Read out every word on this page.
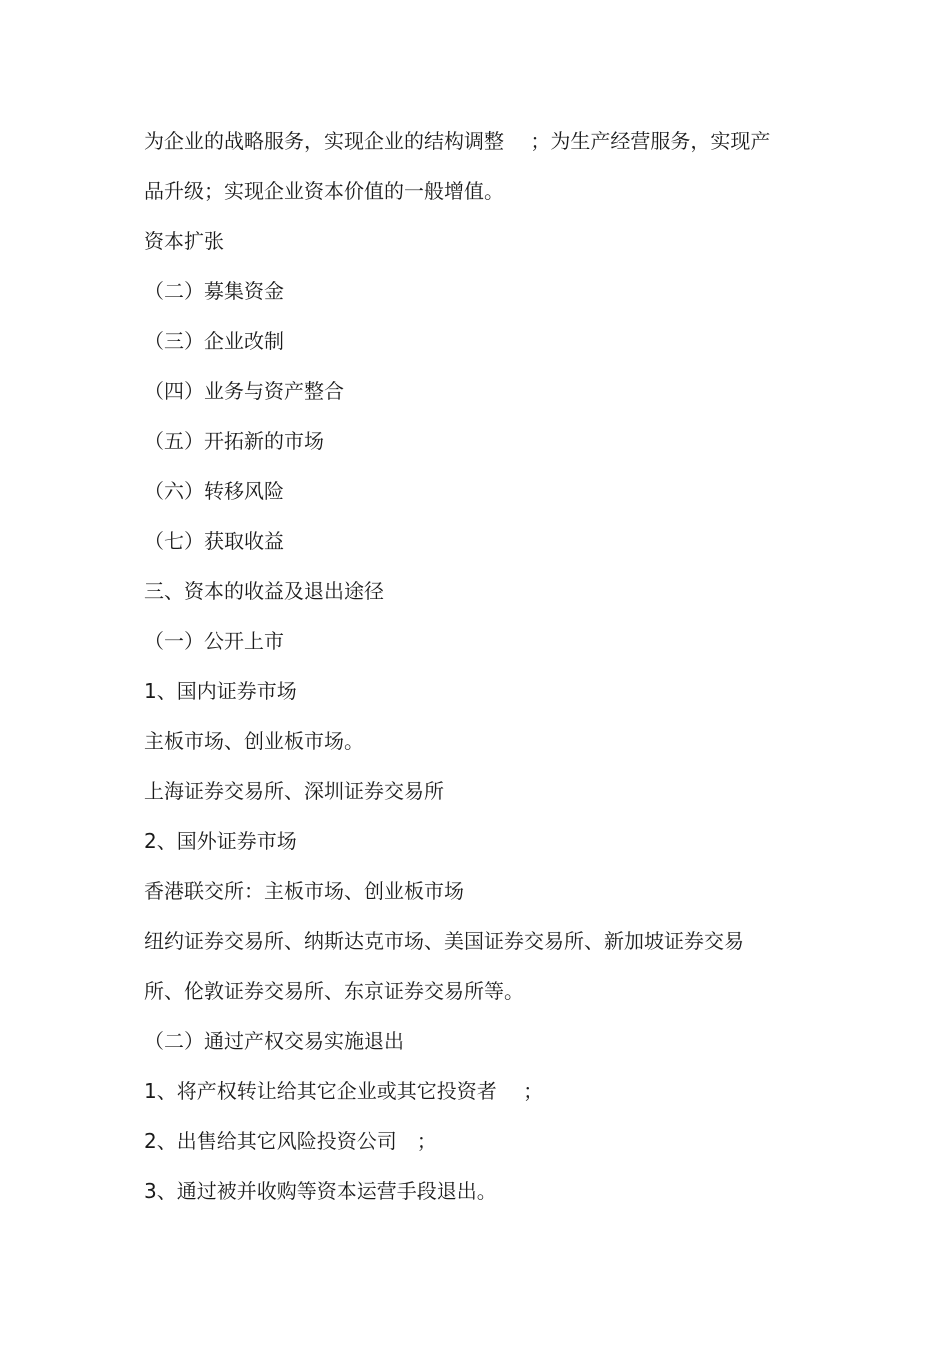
为企业的战略服务，实现企业的结构调整　 ；为生产经营服务，实现产
品升级；实现企业资本价值的一般增值。
资本扩张
（二）募集资金
（三）企业改制
（四）业务与资产整合
（五）开拓新的市场
（六）转移风险
（七）获取收益
三、资本的收益及退出途径
（一）公开上市
1、国内证券市场
主板市场、创业板市场。
上海证券交易所、深圳证券交易所
2、国外证券市场
香港联交所：主板市场、创业板市场
纽约证券交易所、纳斯达克市场、美国证券交易所、新加坡证券交易
所、伦敦证券交易所、东京证券交易所等。
（二）通过产权交易实施退出
1、将产权转让给其它企业或其它投资者　 ；
2、出售给其它风险投资公司　；
3、通过被并收购等资本运营手段退出。
